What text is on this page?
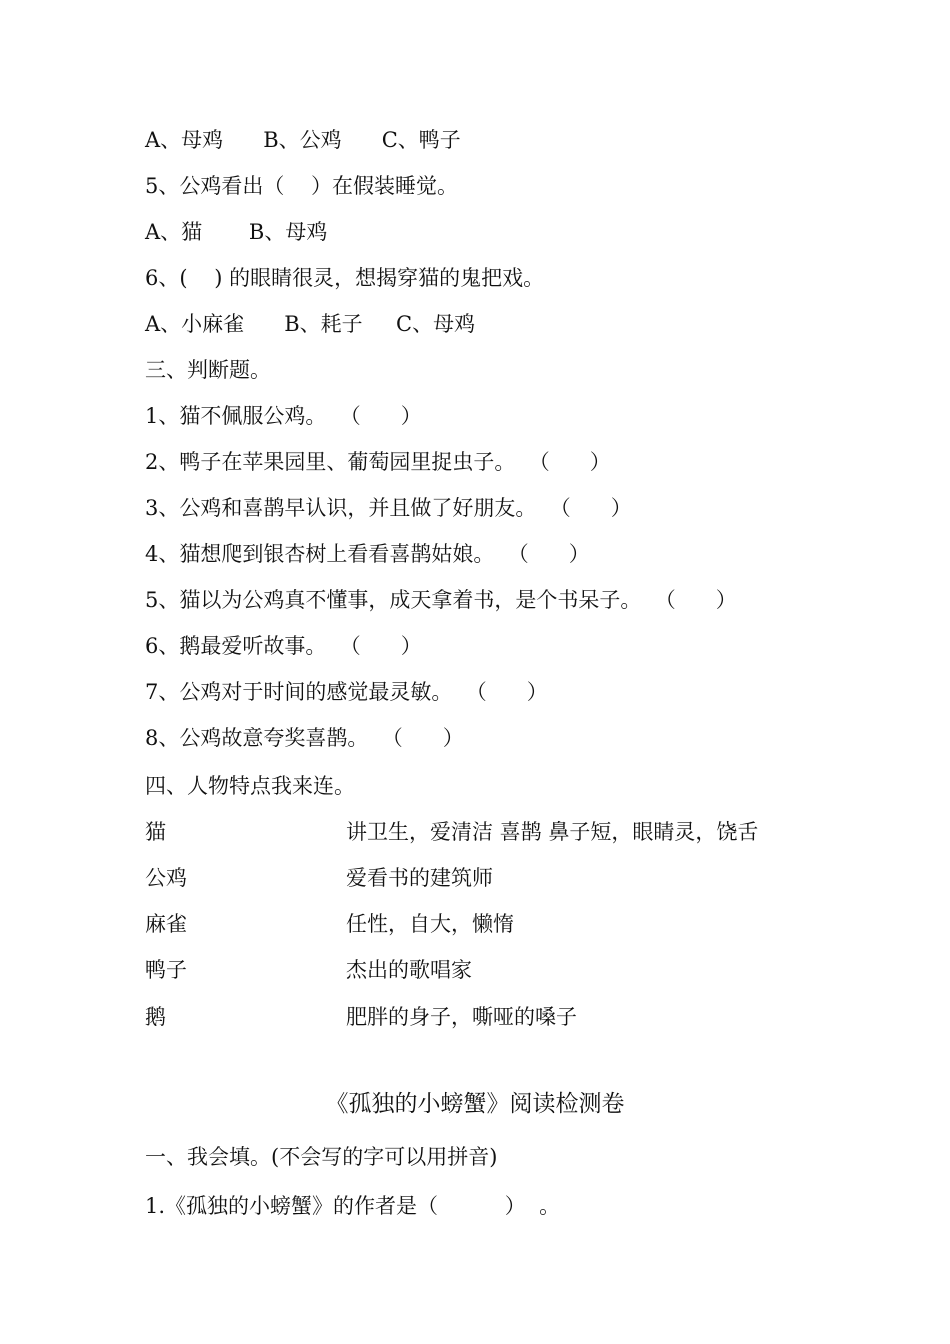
A、母鸡      B、公鸡      C、鸭子
5、公鸡看出（    ）在假装睡觉。
A、猫       B、母鸡
6、(    ) 的眼睛很灵，想揭穿猫的鬼把戏。
A、小麻雀      B、耗子     C、母鸡
三、判断题。
1、猫不佩服公鸡。  （      ）
2、鸭子在苹果园里、葡萄园里捉虫子。  （      ）
3、公鸡和喜鹊早认识，并且做了好朋友。  （      ）
4、猫想爬到银杏树上看看喜鹊姑娘。  （      ）
5、猫以为公鸡真不懂事，成天拿着书，是个书呆子。  （      ）
6、鹅最爱听故事。  （      ）
7、公鸡对于时间的感觉最灵敏。  （      ）
8、公鸡故意夸奖喜鹊。  （      ）
四、人物特点我来连。
猫	讲卫生，爱清洁 喜鹊 鼻子短，眼睛灵，饶舌
公鸡	爱看书的建筑师
麻雀	任性，自大，懒惰
鸭子	杰出的歌唱家
鹅	肥胖的身子，嘶哑的嗓子
《孤独的小螃蟹》阅读检测卷
一、我会填。(不会写的字可以用拼音)
1.《孤独的小螃蟹》的作者是（          ）  。
